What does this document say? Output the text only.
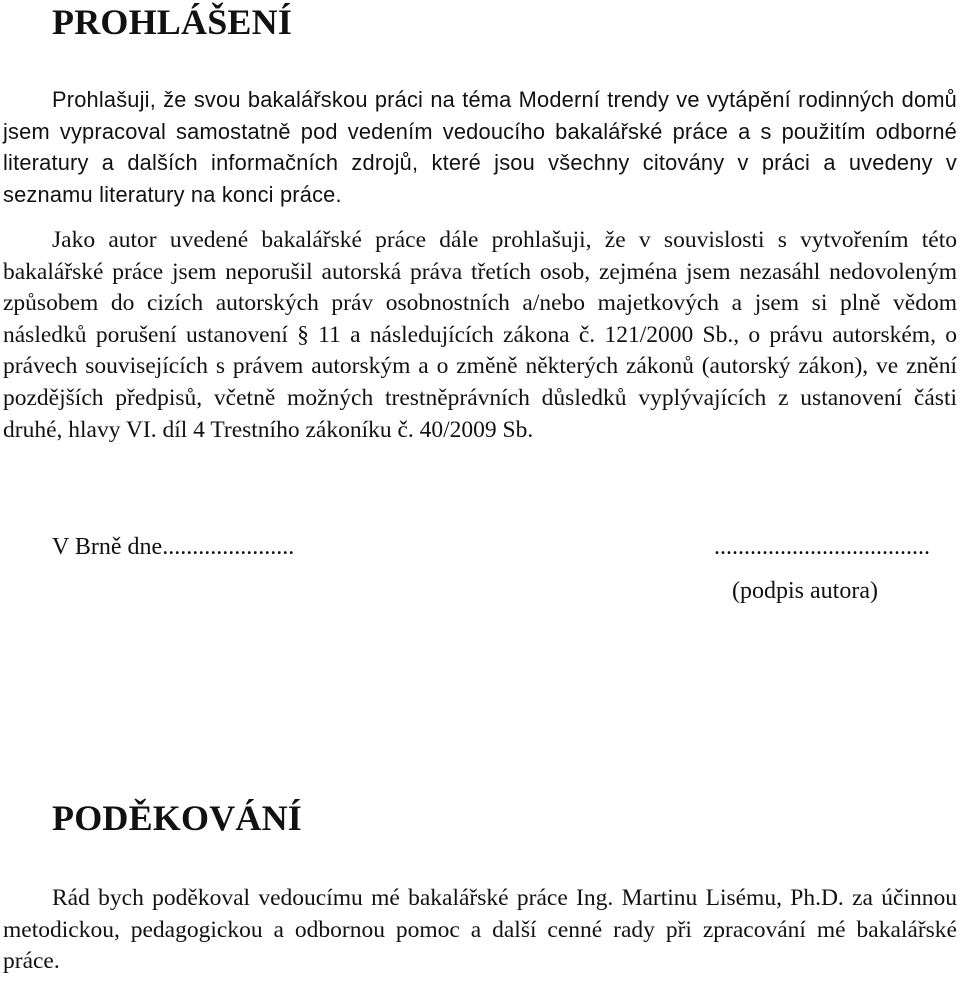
PROHLÁŠENÍ

Prohlašuji, že svou bakalářskou práci na téma Moderní trendy ve vytápění rodinných domů jsem vypracoval samostatně pod vedením vedoucího bakalářské práce a s použitím odborné literatury a dalších informačních zdrojů, které jsou všechny citovány v práci a uvedeny v seznamu literatury na konci práce.

Jako autor uvedené bakalářské práce dále prohlašuji, že v souvislosti s vytvořením této bakalářské práce jsem neporušil autorská práva třetích osob, zejména jsem nezasáhl nedovoleným způsobem do cizích autorských práv osobnostních a/nebo majetkových a jsem si plně vědom následků porušení ustanovení § 11 a následujících zákona č. 121/2000 Sb., o právu autorském, o právech souvisejících s právem autorským a o změně některých zákonů (autorský zákon), ve znění pozdějších předpisů, včetně možných trestněprávních důsledků vyplývajících z ustanovení části druhé, hlavy VI. díl 4 Trestního zákoníku č. 40/2009 Sb.

V Brně dne......................	....................................
(podpis autora)
PODĚKOVÁNÍ

Rád bych poděkoval vedoucímu mé bakalářské práce Ing. Martinu Lisému, Ph.D. za účinnou metodickou, pedagogickou a odbornou pomoc a další cenné rady při zpracování mé bakalářské práce.
